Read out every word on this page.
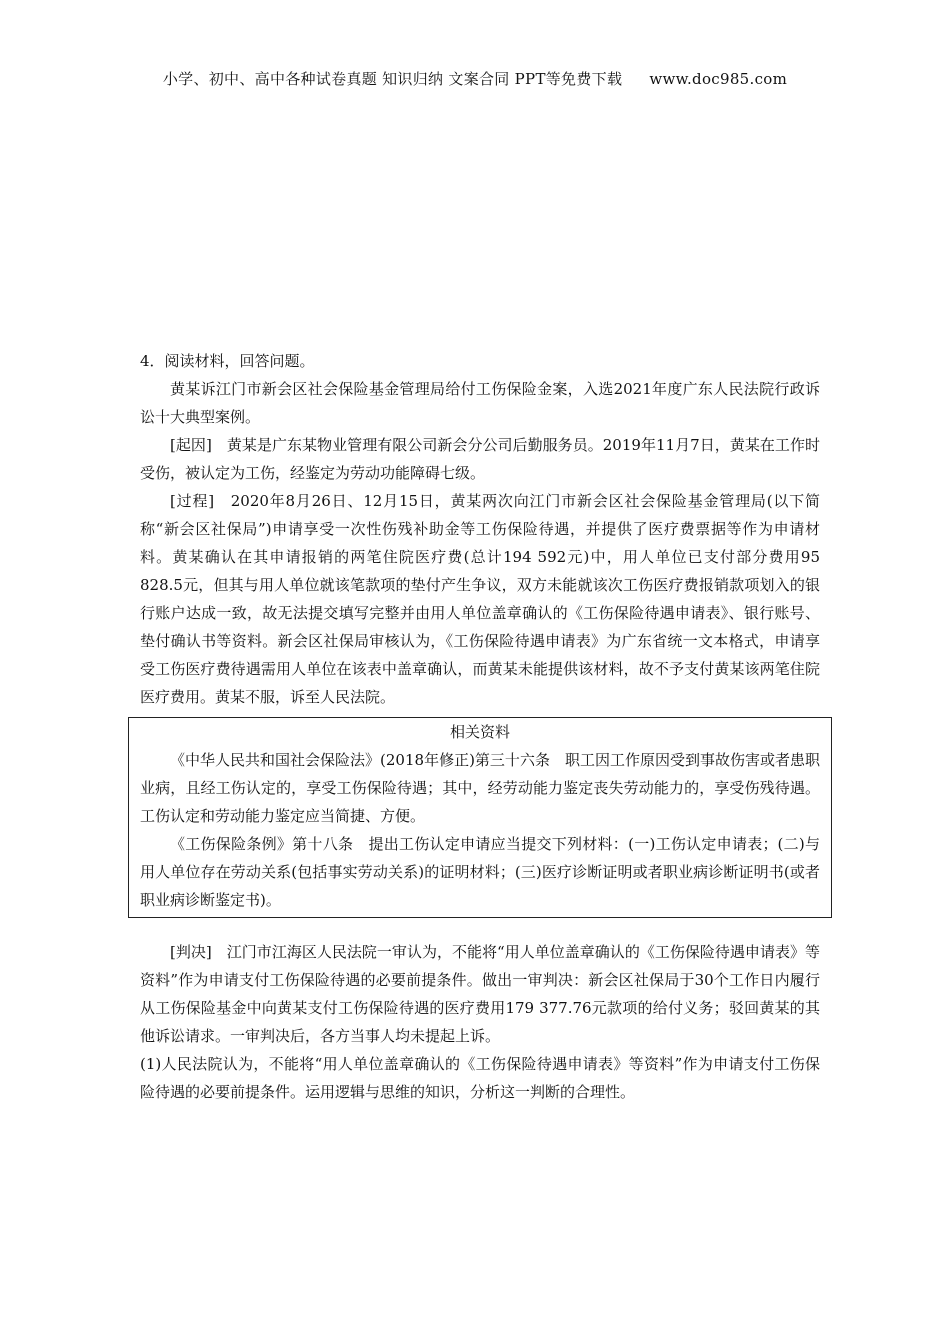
小学、初中、高中各种试卷真题 知识归纳 文案合同 PPT等免费下载 www.doc985.com

4．阅读材料，回答问题。

黄某诉江门市新会区社会保险基金管理局给付工伤保险金案，入选2021年度广东人民法院行政诉讼十大典型案例。

[起因]　黄某是广东某物业管理有限公司新会分公司后勤服务员。2019年11月7日，黄某在工作时受伤，被认定为工伤，经鉴定为劳动功能障碍七级。

[过程]　2020年8月26日、12月15日，黄某两次向江门市新会区社会保险基金管理局(以下简称“新会区社保局”)申请享受一次性伤残补助金等工伤保险待遇，并提供了医疗费票据等作为申请材料。黄某确认在其申请报销的两笔住院医疗费(总计194 592元)中，用人单位已支付部分费用95 828.5元，但其与用人单位就该笔款项的垫付产生争议，双方未能就该次工伤医疗费报销款项划入的银行账户达成一致，故无法提交填写完整并由用人单位盖章确认的《工伤保险待遇申请表》、银行账号、垫付确认书等资料。新会区社保局审核认为，《工伤保险待遇申请表》为广东省统一文本格式，申请享受工伤医疗费待遇需用人单位在该表中盖章确认，而黄某未能提供该材料，故不予支付黄某该两笔住院医疗费用。黄某不服，诉至人民法院。

相关资料

《中华人民共和国社会保险法》(2018年修正)第三十六条　职工因工作原因受到事故伤害或者患职业病，且经工伤认定的，享受工伤保险待遇；其中，经劳动能力鉴定丧失劳动能力的，享受伤残待遇。工伤认定和劳动能力鉴定应当简捷、方便。

《工伤保险条例》第十八条　提出工伤认定申请应当提交下列材料：(一)工伤认定申请表；(二)与用人单位存在劳动关系(包括事实劳动关系)的证明材料；(三)医疗诊断证明或者职业病诊断证明书(或者职业病诊断鉴定书)。

[判决]　江门市江海区人民法院一审认为，不能将“用人单位盖章确认的《工伤保险待遇申请表》等资料”作为申请支付工伤保险待遇的必要前提条件。做出一审判决：新会区社保局于30个工作日内履行从工伤保险基金中向黄某支付工伤保险待遇的医疗费用179 377.76元款项的给付义务；驳回黄某的其他诉讼请求。一审判决后，各方当事人均未提起上诉。

(1)人民法院认为，不能将“用人单位盖章确认的《工伤保险待遇申请表》等资料”作为申请支付工伤保险待遇的必要前提条件。运用逻辑与思维的知识，分析这一判断的合理性。
